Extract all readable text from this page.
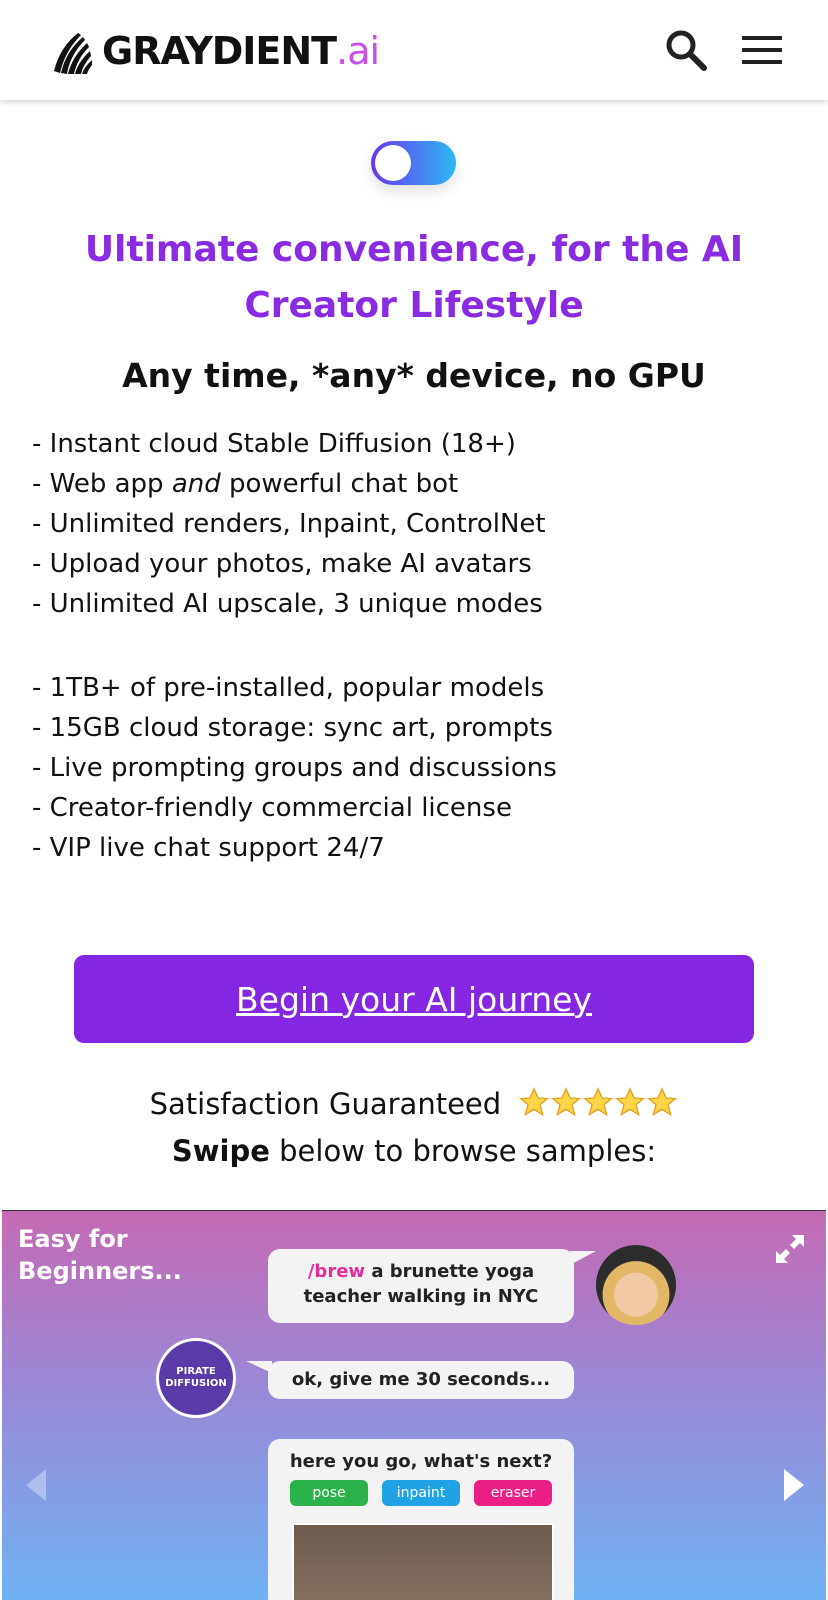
GRAYDIENT.ai
Ultimate convenience, for the AI
Creator Lifestyle
Any time, *any* device, no GPU
- Instant cloud Stable Diffusion (18+)
- Web app and powerful chat bot
- Unlimited renders, Inpaint, ControlNet
- Upload your photos, make AI avatars
- Unlimited AI upscale, 3 unique modes
- 1TB+ of pre-installed, popular models
- 15GB cloud storage: sync art, prompts
- Live prompting groups and discussions
- Creator-friendly commercial license
- VIP live chat support 24/7
Begin your AI journey
Satisfaction Guaranteed
Swipe below to browse samples:
Easy for
Beginners...	/brew a brunette yoga
teacher walking in NYC
PIRATE
DIFFUSION	ok, give me 30 seconds...
here you go, what's next?
pose	inpaint	eraser
